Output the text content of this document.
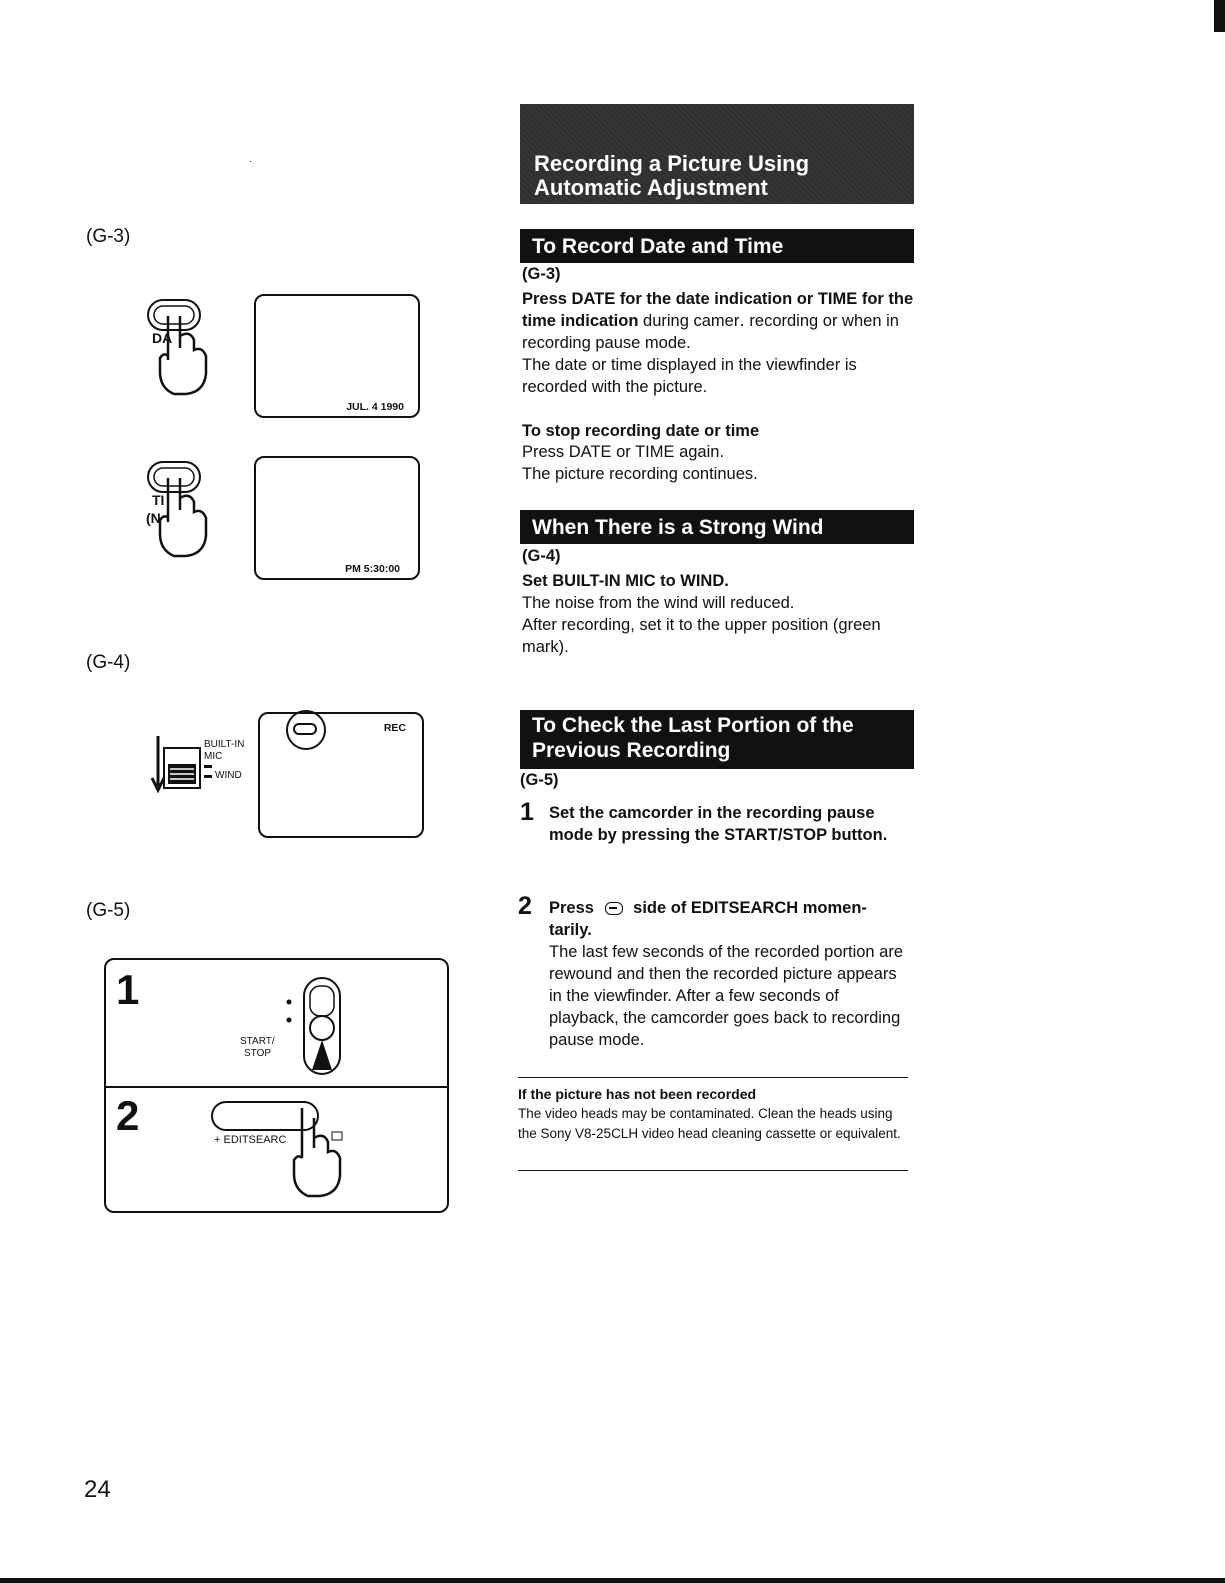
․
(G-3)
DA
JUL. 4 1990
TI
(N
PM 5:30:00
(G-4)
BUILT-IN
MIC
WIND
REC
(G-5)
1
2
START/
STOP
+ EDITSEARC
24
Recording a Picture Using
Automatic Adjustment
To Record Date and Time
(G-3)
Press DATE for the date indication or TIME for the time indication during camer․ recording or when in recording pause mode.
The date or time displayed in the viewfinder is recorded with the picture.
To stop recording date or time
Press DATE or TIME again.
The picture recording continues.
When There is a Strong Wind
(G-4)
Set BUILT-IN MIC to WIND.
The noise from the wind will reduced.
After recording, set it to the upper position (green mark).
To Check the Last Portion of the
Previous Recording
(G-5)
1 Set the camcorder in the recording pause mode by pressing the START/STOP button.
2 Press side of EDITSEARCH momen-tarily.
The last few seconds of the recorded portion are rewound and then the recorded picture appears in the viewfinder. After a few seconds of playback, the camcorder goes back to recording pause mode.
If the picture has not been recorded
The video heads may be contaminated. Clean the heads using the Sony V8-25CLH video head cleaning cassette or equivalent.
